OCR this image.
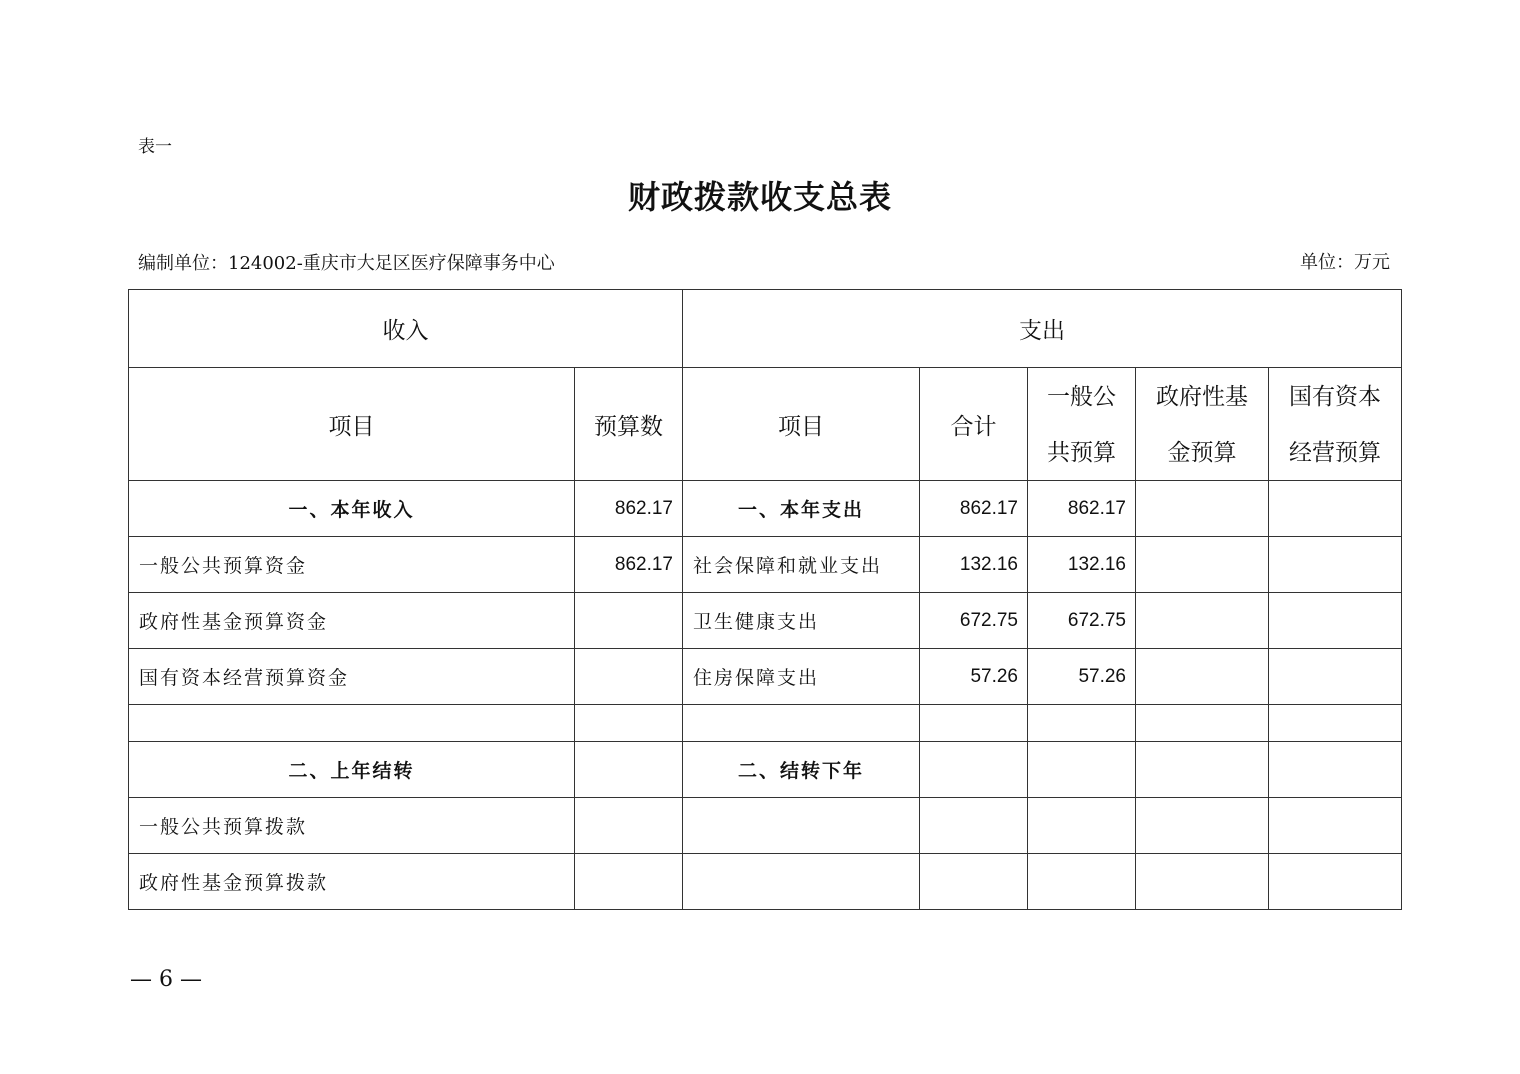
表一
财政拨款收支总表
编制单位：124002-重庆市大足区医疗保障事务中心	单位：万元
收入		支出				
项目	预算数	项目	合计	一般公共预算	政府性基金预算	国有资本经营预算
一、本年收入	862.17	一、本年支出	862.17	862.17		
一般公共预算资金	862.17	社会保障和就业支出	132.16	132.16		
政府性基金预算资金		卫生健康支出	672.75	672.75		
国有资本经营预算资金		住房保障支出	57.26	57.26		

二、上年结转		二、结转下年				
一般公共预算拨款						
政府性基金预算拨款						
— 6 —
